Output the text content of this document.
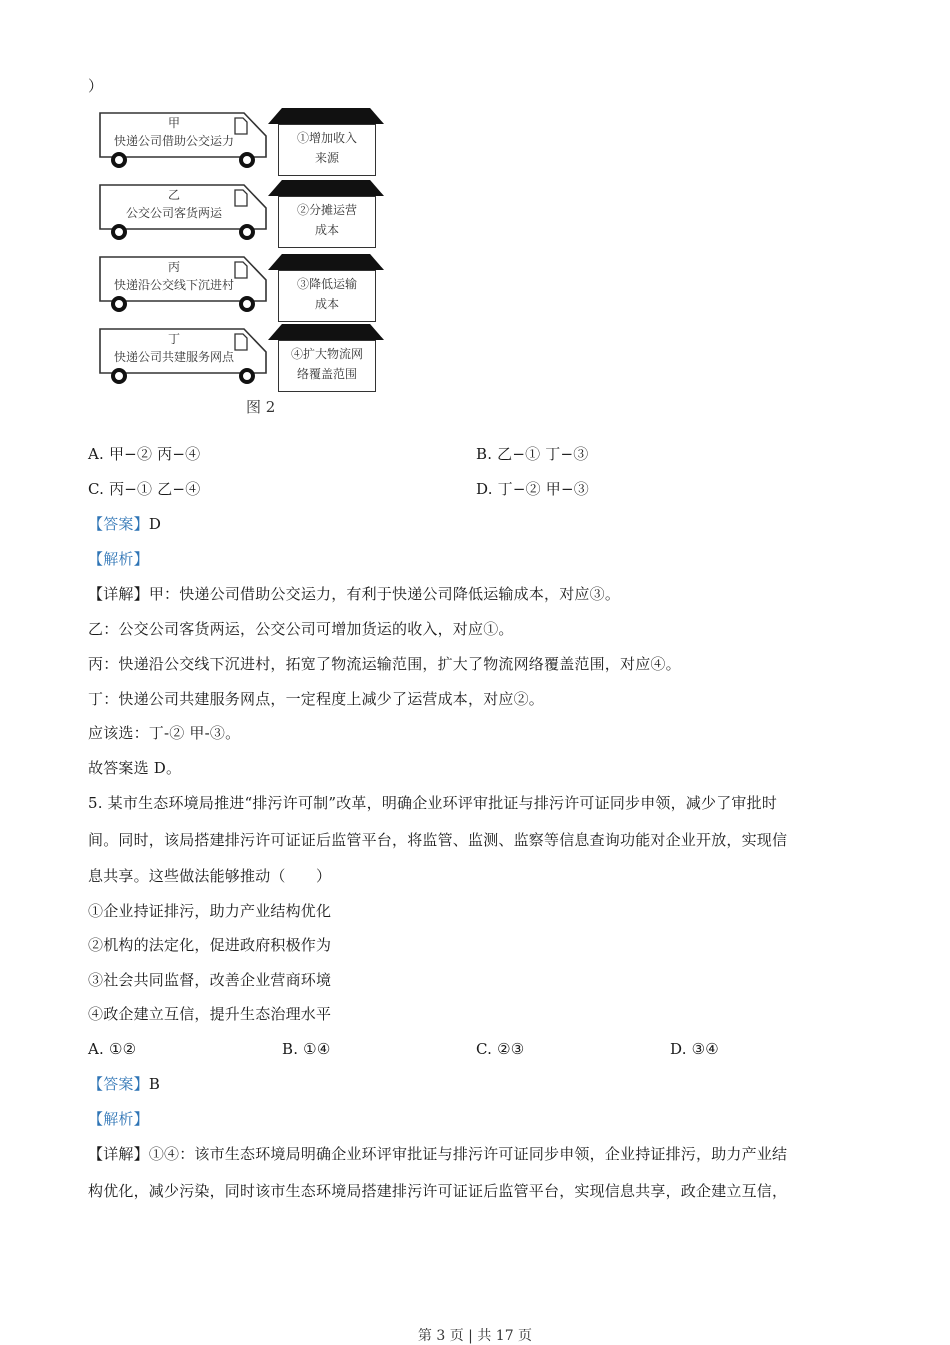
）
甲
快递公司借助公交运力	①增加收入
来源
乙
公交公司客货两运	②分摊运营
成本
丙
快递沿公交线下沉进村	③降低运输
成本
丁
快递公司共建服务网点	④扩大物流网
络覆盖范围
图 2
A. 甲−② 丙−④	B. 乙−① 丁−③
C. 丙−① 乙−④	D. 丁−② 甲−③
【答案】D
【解析】
【详解】甲：快递公司借助公交运力，有利于快递公司降低运输成本，对应③。
乙：公交公司客货两运，公交公司可增加货运的收入，对应①。
丙：快递沿公交线下沉进村，拓宽了物流运输范围，扩大了物流网络覆盖范围，对应④。
丁：快递公司共建服务网点，一定程度上减少了运营成本，对应②。
应该选：丁-② 甲-③。
故答案选 D。
5. 某市生态环境局推进“排污许可制”改革，明确企业环评审批证与排污许可证同步申领，减少了审批时
间。同时，该局搭建排污许可证证后监管平台，将监管、监测、监察等信息查询功能对企业开放，实现信
息共享。这些做法能够推动（　　）
①企业持证排污，助力产业结构优化
②机构的法定化，促进政府积极作为
③社会共同监督，改善企业营商环境
④政企建立互信，提升生态治理水平
A. ①②	B. ①④	C. ②③	D. ③④
【答案】B
【解析】
【详解】①④：该市生态环境局明确企业环评审批证与排污许可证同步申领，企业持证排污，助力产业结
构优化，减少污染，同时该市生态环境局搭建排污许可证证后监管平台，实现信息共享，政企建立互信，
第 3 页 | 共 17 页
